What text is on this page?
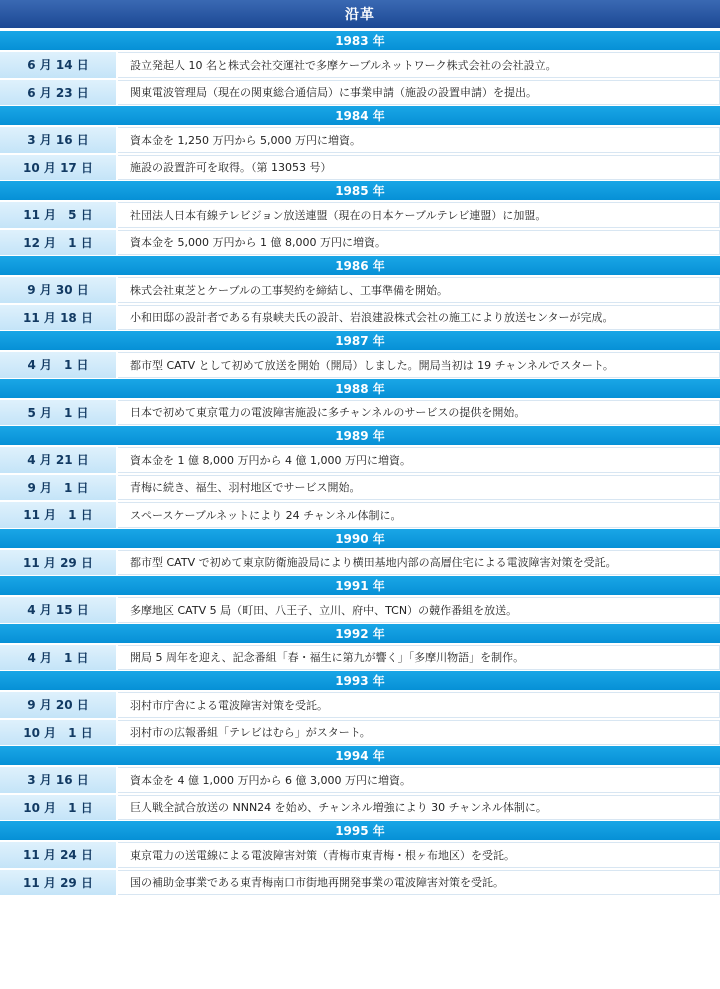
沿革
1983 年
6 月 14 日	設立発起人 10 名と株式会社交運社で多摩ケーブルネットワーク株式会社の会社設立。
6 月 23 日	関東電波管理局（現在の関東総合通信局）に事業申請（施設の設置申請）を提出。
1984 年
3 月 16 日	資本金を 1,250 万円から 5,000 万円に増資。
10 月 17 日	施設の設置許可を取得。（第 13053 号）
1985 年
11 月　5 日	社団法人日本有線テレビジョン放送連盟（現在の日本ケーブルテレビ連盟）に加盟。
12 月　1 日	資本金を 5,000 万円から 1 億 8,000 万円に増資。
1986 年
9 月 30 日	株式会社東芝とケーブルの工事契約を締結し、工事準備を開始。
11 月 18 日	小和田邸の設計者である有泉峡夫氏の設計、岩浪建設株式会社の施工により放送センターが完成。
1987 年
4 月　1 日	都市型 CATV として初めて放送を開始（開局）しました。開局当初は 19 チャンネルでスタート。
1988 年
5 月　1 日	日本で初めて東京電力の電波障害施設に多チャンネルのサービスの提供を開始。
1989 年
4 月 21 日	資本金を 1 億 8,000 万円から 4 億 1,000 万円に増資。
9 月　1 日	青梅に続き、福生、羽村地区でサービス開始。
11 月　1 日	スペースケーブルネットにより 24 チャンネル体制に。
1990 年
11 月 29 日	都市型 CATV で初めて東京防衛施設局により横田基地内部の高層住宅による電波障害対策を受託。
1991 年
4 月 15 日	多摩地区 CATV 5 局（町田、八王子、立川、府中、TCN）の競作番組を放送。
1992 年
4 月　1 日	開局 5 周年を迎え、記念番組「春・福生に第九が響く」「多摩川物語」を制作。
1993 年
9 月 20 日	羽村市庁舎による電波障害対策を受託。
10 月　1 日	羽村市の広報番組「テレビはむら」がスタート。
1994 年
3 月 16 日	資本金を 4 億 1,000 万円から 6 億 3,000 万円に増資。
10 月　1 日	巨人戦全試合放送の NNN24 を始め、チャンネル増強により 30 チャンネル体制に。
1995 年
11 月 24 日	東京電力の送電線による電波障害対策（青梅市東青梅・根ヶ布地区）を受託。
11 月 29 日	国の補助金事業である東青梅南口市街地再開発事業の電波障害対策を受託。
